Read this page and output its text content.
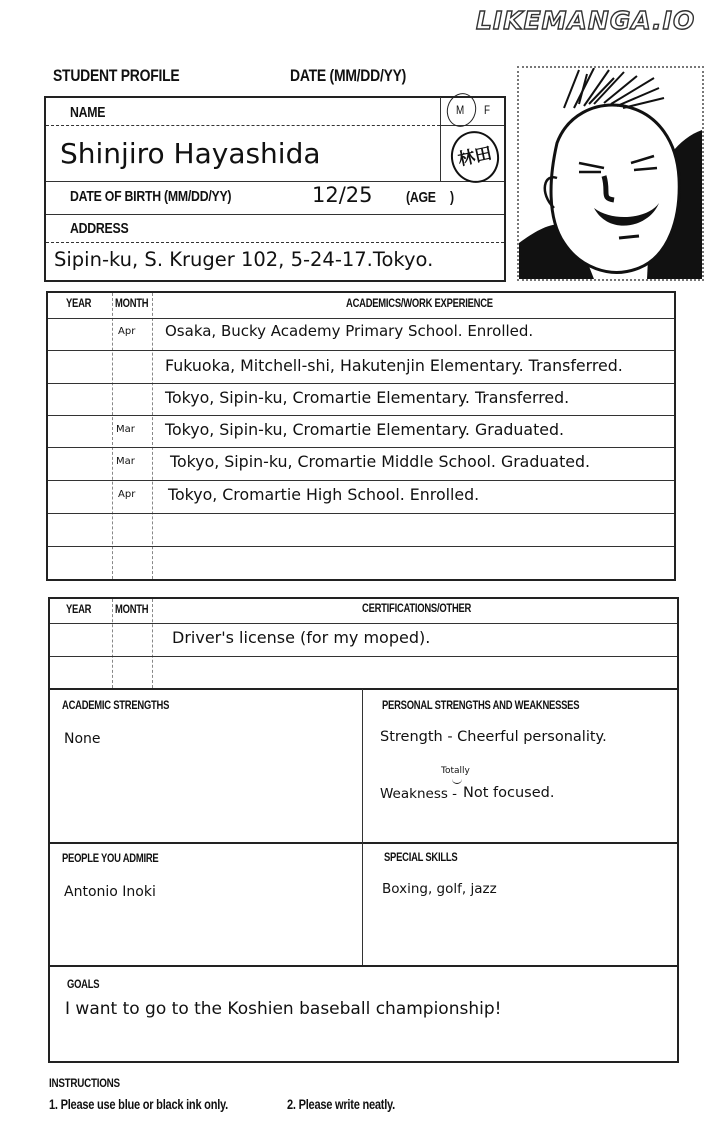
LIKEMANGA.IO
STUDENT PROFILE	DATE (MM/DD/YY)
NAME
Shinjiro Hayashida
M F
林田
DATE OF BIRTH (MM/DD/YY)	12/25 (AGE )
ADDRESS
Sipin-ku, S. Kruger 102, 5-24-17.Tokyo.
YEAR MONTH	ACADEMICS/WORK EXPERIENCE
Apr Osaka, Bucky Academy Primary School. Enrolled.
Fukuoka, Mitchell-shi, Hakutenjin Elementary. Transferred.
Tokyo, Sipin-ku, Cromartie Elementary. Transferred.
Mar Tokyo, Sipin-ku, Cromartie Elementary. Graduated.
Mar Tokyo, Sipin-ku, Cromartie Middle School. Graduated.
Apr Tokyo, Cromartie High School. Enrolled.
YEAR MONTH	CERTIFICATIONS/OTHER
Driver's license (for my moped).
ACADEMIC STRENGTHS
None
PERSONAL STRENGTHS AND WEAKNESSES
Strength - Cheerful personality.
Totally
Weakness - Not focused.
PEOPLE YOU ADMIRE
Antonio Inoki
SPECIAL SKILLS
Boxing, golf, jazz
GOALS
I want to go to the Koshien baseball championship!
INSTRUCTIONS
1. Please use blue or black ink only.	2. Please write neatly.
